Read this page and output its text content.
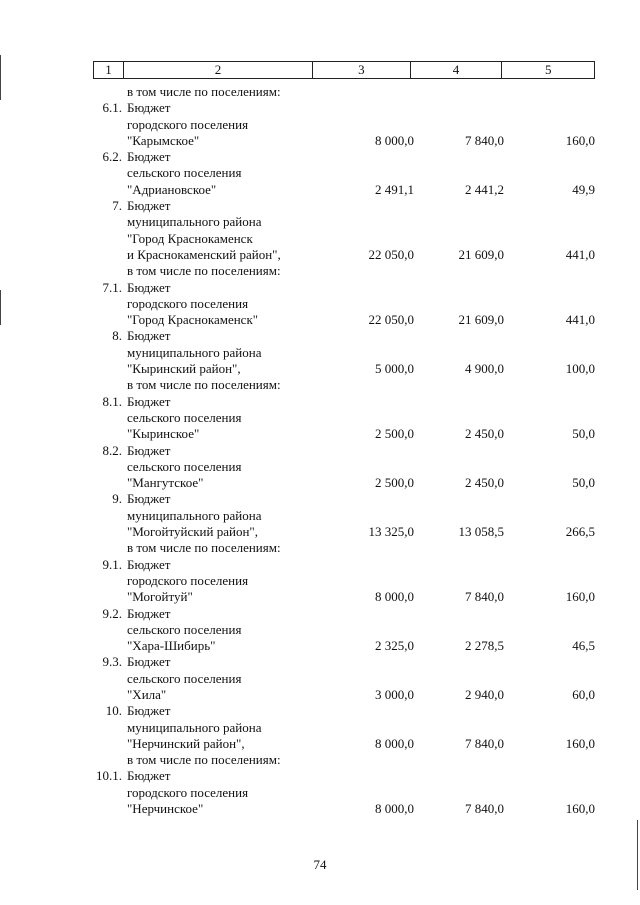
1	2	3	4	5
в том числе по поселениям:
6.1. Бюджет
городского поселения
"Карымское"	8 000,0	7 840,0	160,0
6.2. Бюджет
сельского поселения
"Адриановское"	2 491,1	2 441,2	49,9
7. Бюджет
муниципального района
"Город Краснокаменск
и Краснокаменский район",	22 050,0	21 609,0	441,0
в том числе по поселениям:
7.1. Бюджет
городского поселения
"Город Краснокаменск"	22 050,0	21 609,0	441,0
8. Бюджет
муниципального района
"Кыринский район",	5 000,0	4 900,0	100,0
в том числе по поселениям:
8.1. Бюджет
сельского поселения
"Кыринское"	2 500,0	2 450,0	50,0
8.2. Бюджет
сельского поселения
"Мангутское"	2 500,0	2 450,0	50,0
9. Бюджет
муниципального района
"Могойтуйский район",	13 325,0	13 058,5	266,5
в том числе по поселениям:
9.1. Бюджет
городского поселения
"Могойтуй"	8 000,0	7 840,0	160,0
9.2. Бюджет
сельского поселения
"Хара-Шибирь"	2 325,0	2 278,5	46,5
9.3. Бюджет
сельского поселения
"Хила"	3 000,0	2 940,0	60,0
10. Бюджет
муниципального района
"Нерчинский район",	8 000,0	7 840,0	160,0
в том числе по поселениям:
10.1. Бюджет
городского поселения
"Нерчинское"	8 000,0	7 840,0	160,0
74
